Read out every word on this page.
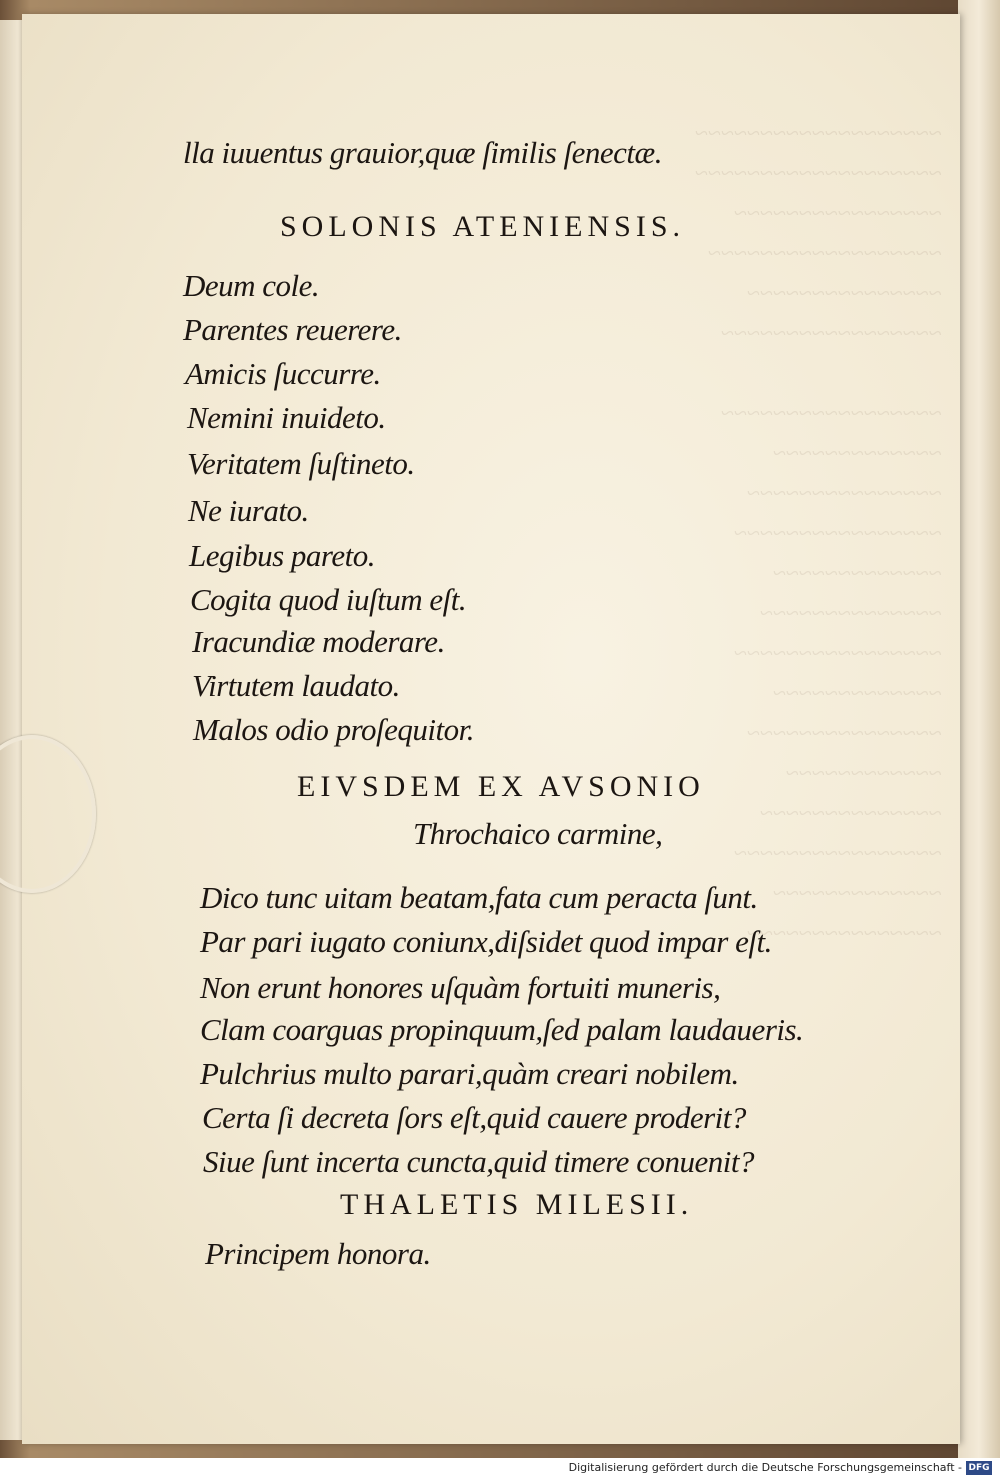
~~~~~~~~~~~~~~~~~~~
~~~~~~~~~~~~~~~~~~~
~~~~~~~~~~~~~~~~
~~~~~~~~~~~~~~~~~~
~~~~~~~~~~~~~~~
~~~~~~~~~~~~~~~~~

~~~~~~~~~~~~~~~~~
~~~~~~~~~~~~~
~~~~~~~~~~~~~~~
~~~~~~~~~~~~~~~~
~~~~~~~~~~~~~
~~~~~~~~~~~~~~
~~~~~~~~~~~~~~~~
~~~~~~~~~~~~~
~~~~~~~~~~~~~~~
~~~~~~~~~~~~
~~~~~~~~~~~~~~
~~~~~~~~~~~~~~~~
~~~~~~~~~~~~~
~~~~~~~~~~~~~~~
lla iuuentus grauior,quæ ſimilis ſenectæ.
SOLONIS ATENIENSIS.
Deum cole.
Parentes reuerere.
Amicis ſuccurre.
Nemini inuideto.
Veritatem ſuſtineto.
Ne iurato.
Legibus pareto.
Cogita quod iuſtum eſt.
Iracundiæ moderare.
Virtutem laudato.
Malos odio proſequitor.
EIVSDEM EX AVSONIO
Throchaico carmine,
Dico tunc uitam beatam,fata cum peracta ſunt.
Par pari iugato coniunx,diſsidet quod impar eſt.
Non erunt honores uſquàm fortuiti muneris,
Clam coarguas propinquum,ſed palam laudaueris.
Pulchrius multo parari,quàm creari nobilem.
Certa ſi decreta ſors eſt,quid cauere proderit?
Siue ſunt incerta cuncta,quid timere conuenit?
THALETIS MILESII.
Principem honora.
Digitalisierung gefördert durch die Deutsche Forschungsgemeinschaft - DFG
